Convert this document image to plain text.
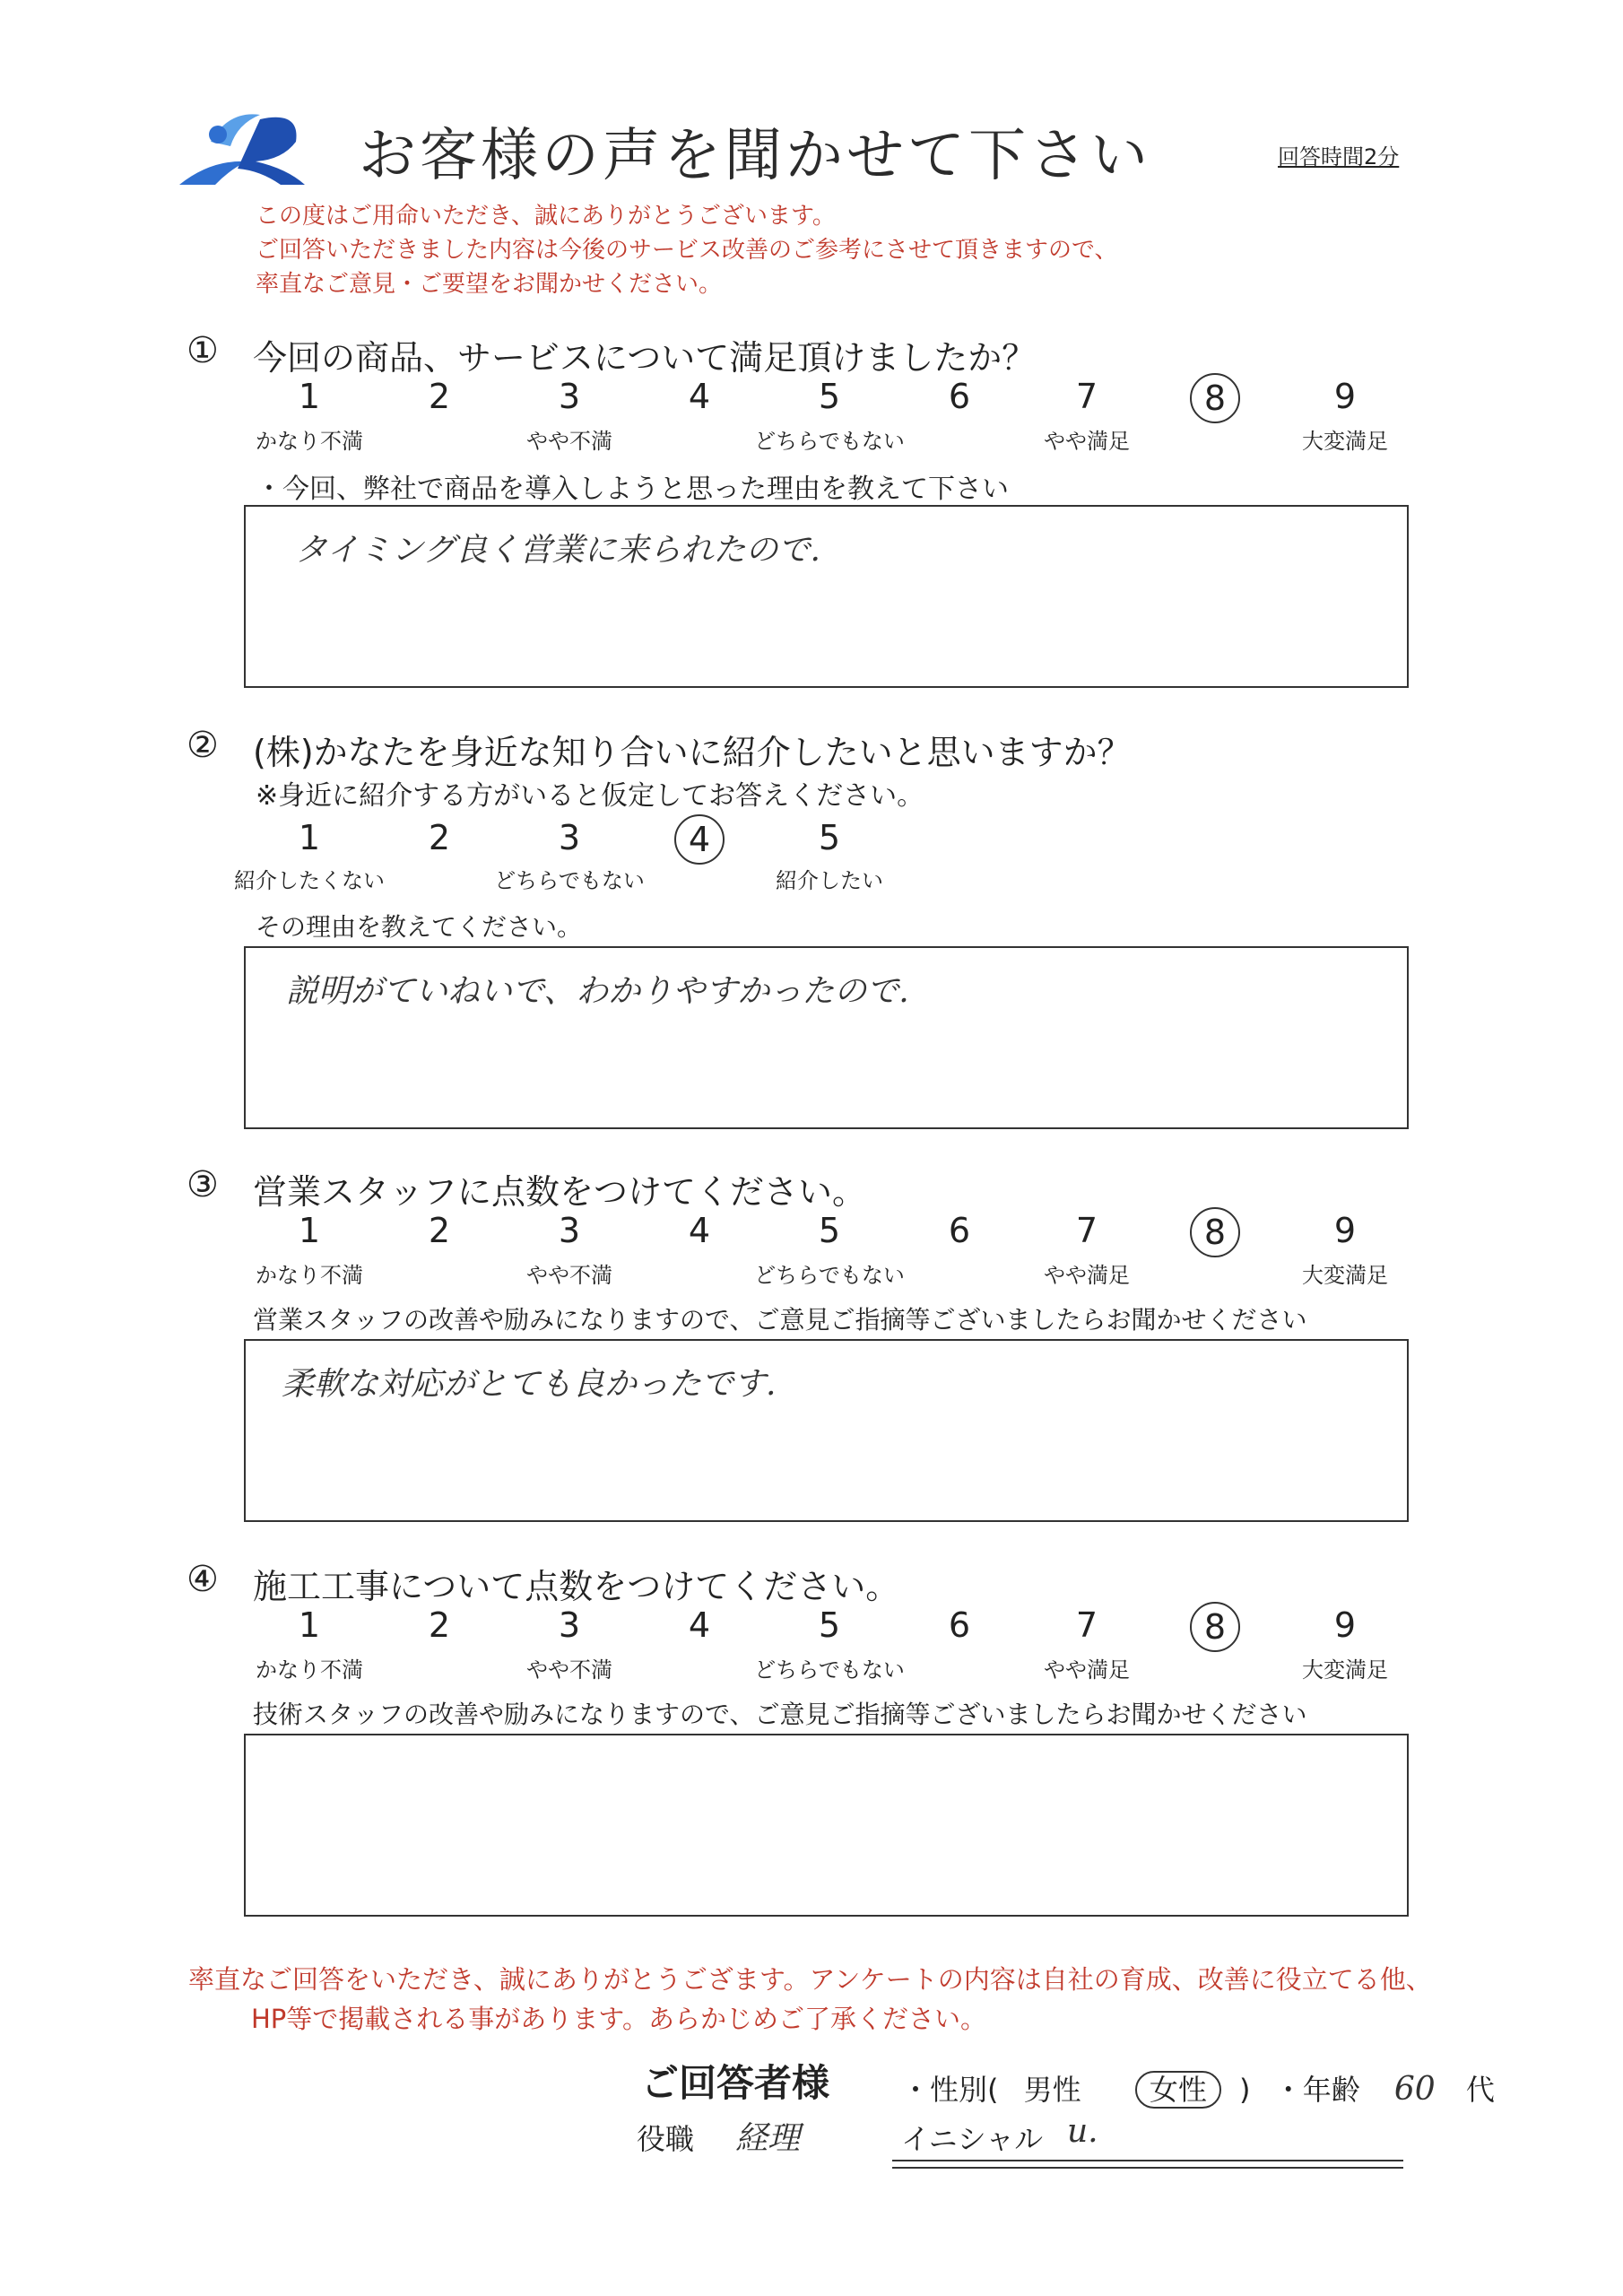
お客様の声を聞かせて下さい	回答時間2分
この度はご用命いただき、誠にありがとうございます。
ご回答いただきました内容は今後のサービス改善のご参考にさせて頂きますので、
率直なご意見・ご要望をお聞かせください。
① 今回の商品、サービスについて満足頂けましたか？
1	2	3	4	5	6	7	8	9
かなり不満	やや不満	どちらでもない	やや満足	大変満足
・今回、弊社で商品を導入しようと思った理由を教えて下さい
タイミング良く営業に来られたので.
② (株)かなたを身近な知り合いに紹介したいと思いますか？
※身近に紹介する方がいると仮定してお答えください。
1	2	3	4	5
紹介したくない	どちらでもない	紹介したい
その理由を教えてください。
説明がていねいで、わかりやすかったので.
③ 営業スタッフに点数をつけてください。
1	2	3	4	5	6	7	8	9
かなり不満	やや不満	どちらでもない	やや満足	大変満足
営業スタッフの改善や励みになりますので、ご意見ご指摘等ございましたらお聞かせください
柔軟な対応がとても良かったです.
④ 施工工事について点数をつけてください。
1	2	3	4	5	6	7	8	9
かなり不満	やや不満	どちらでもない	やや満足	大変満足
技術スタッフの改善や励みになりますので、ご意見ご指摘等ございましたらお聞かせください
率直なご回答をいただき、誠にありがとうござます。アンケートの内容は自社の育成、改善に役立てる他、
HP等で掲載される事があります。あらかじめご了承ください。
ご回答者様 ・性別( 男性 女性 ) ・年齢 60 代
役職 経理	イニシャル u.
